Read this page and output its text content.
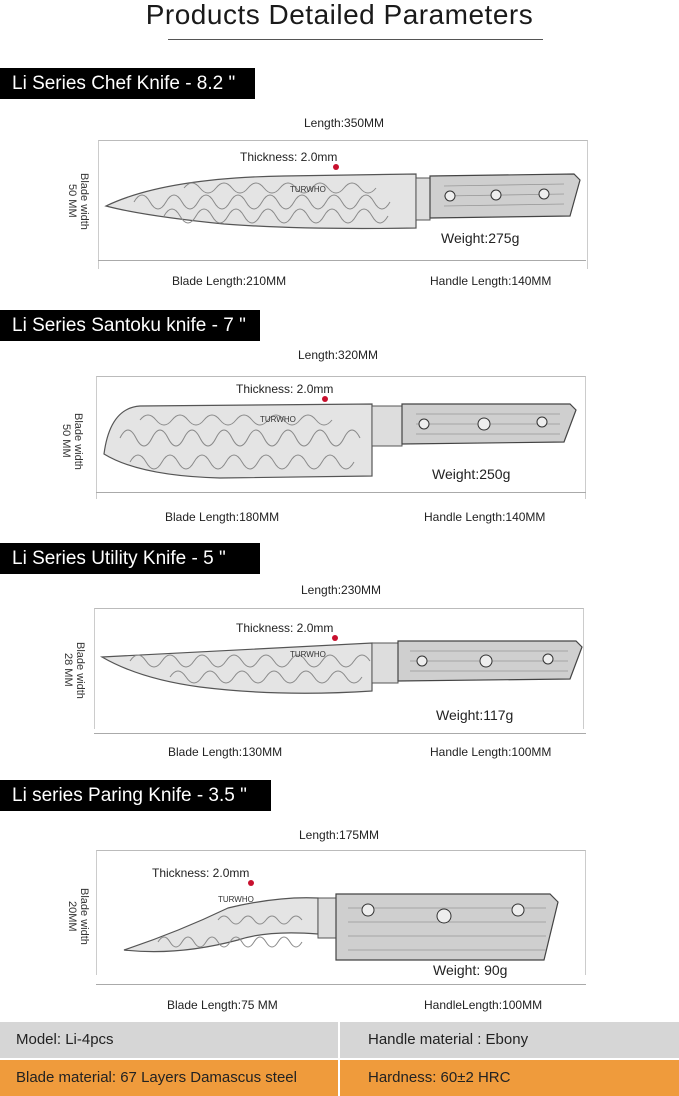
Products Detailed Parameters
Li Series Chef Knife - 8.2 "
Length:350MM
Thickness: 2.0mm
Blade width 50 MM	TURWHO
Weight:275g
Blade Length:210MM	Handle Length:140MM
Li Series Santoku knife - 7 "
Length:320MM
Thickness: 2.0mm
Blade width 50 MM
TURWHO
Weight:250g
Blade Length:180MM	Handle Length:140MM
Li Series Utility Knife - 5 "
Length:230MM
Thickness: 2.0mm
Blade width 28 MM	TURWHO
Weight:117g
Blade Length:130MM	Handle Length:100MM
Li series Paring Knife - 3.5 "
Length:175MM
Thickness: 2.0mm
Blade width 20MM
TURWHO
Weight: 90g
Blade Length:75 MM	HandleLength:100MM
Model: Li-4pcs	Handle material : Ebony
Blade material: 67 Layers Damascus steel	Hardness: 60±2 HRC
